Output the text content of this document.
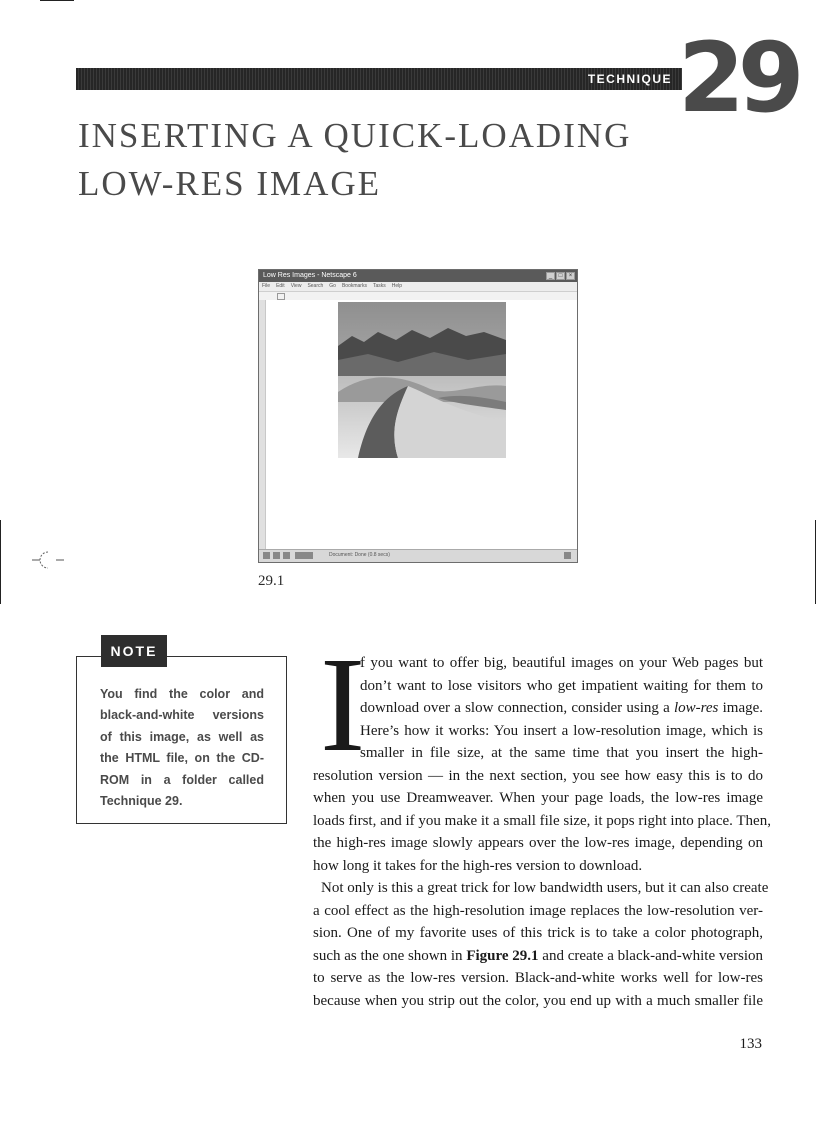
TECHNIQUE 29
INSERTING A QUICK-LOADING
LOW-RES IMAGE
Low Res Images - Netscape 6	_	□	×
File Edit View Search Go Bookmarks Tasks Help
Document: Done (0.8 secs)
29.1
NOTE

You find the color and black-and-white versions of this image, as well as the HTML file, on the CD-ROM in a folder called Technique 29.

I
f you want to offer big, beautiful images on your Web pages but
don’t want to lose visitors who get impatient waiting for them to
download over a slow connection, consider using a low-res image.
Here’s how it works: You insert a low-resolution image, which is
smaller in file size, at the same time that you insert the high-
resolution version — in the next section, you see how easy this is to do
when you use Dreamweaver. When your page loads, the low-res image
loads first, and if you make it a small file size, it pops right into place. Then,
the high-res image slowly appears over the low-res image, depending on
how long it takes for the high-res version to download.
Not only is this a great trick for low bandwidth users, but it can also create
a cool effect as the high-resolution image replaces the low-resolution ver-
sion. One of my favorite uses of this trick is to take a color photograph,
such as the one shown in Figure 29.1 and create a black-and-white version
to serve as the low-res version. Black-and-white works well for low-res
because when you strip out the color, you end up with a much smaller file
133
